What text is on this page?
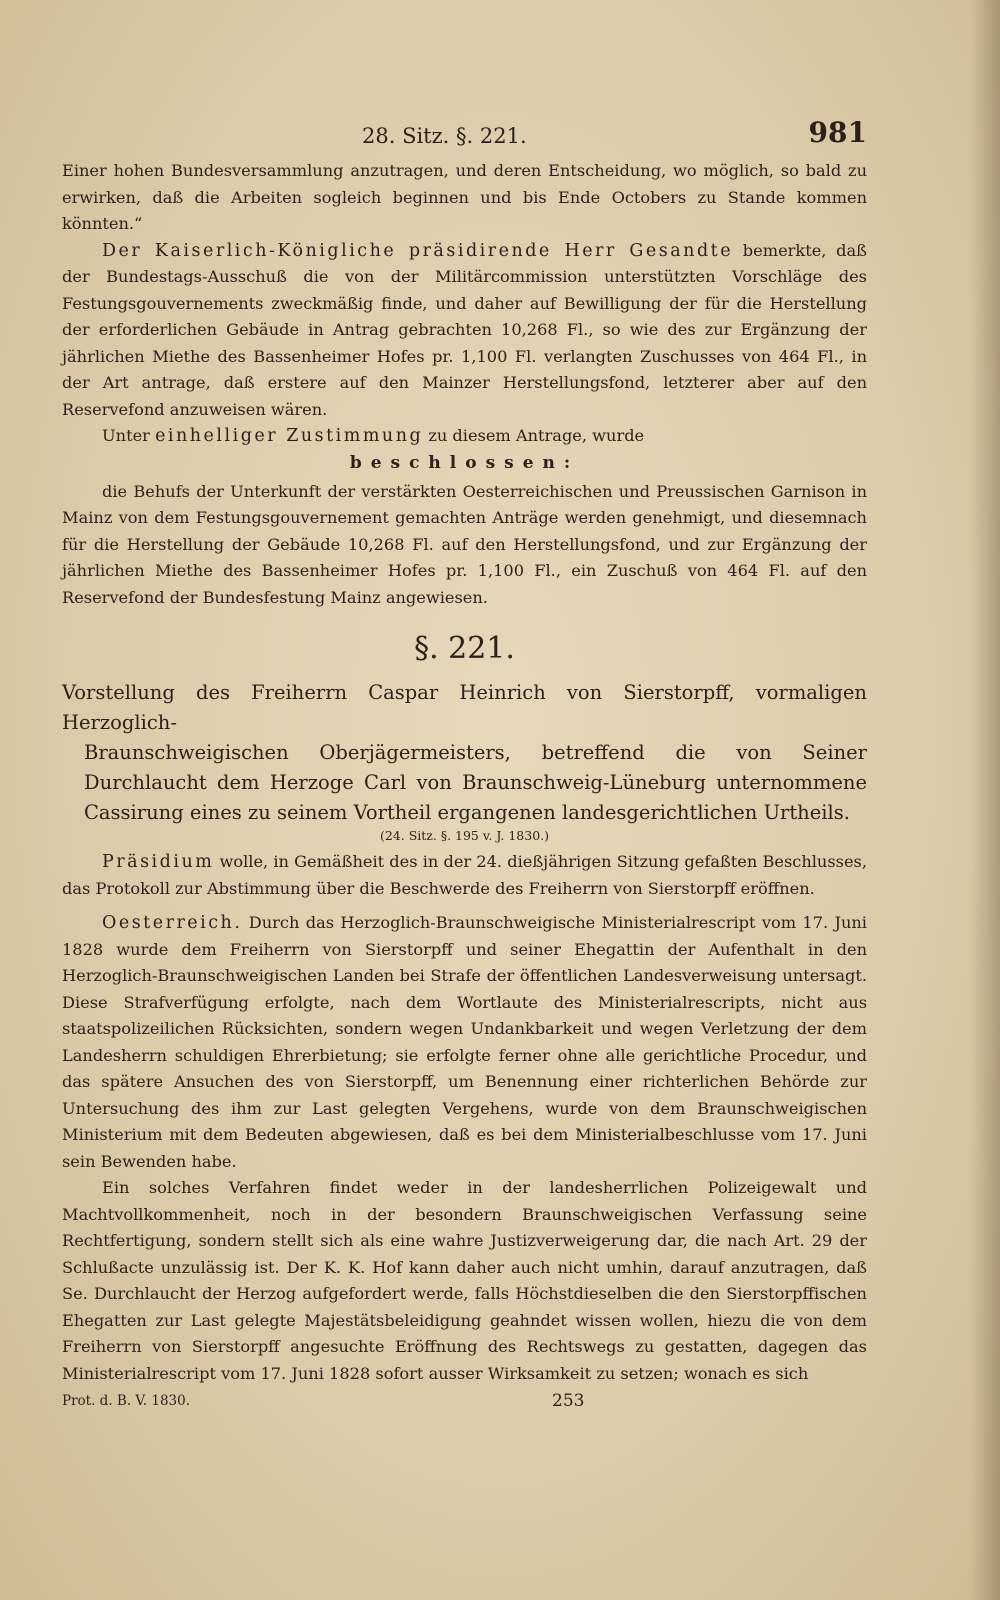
28. Sitz. §. 221.	981

Einer hohen Bundesversammlung anzutragen, und deren Entscheidung, wo möglich, so bald zu erwirken, daß die Arbeiten sogleich beginnen und bis Ende Octobers zu Stande kommen könnten.“

Der Kaiserlich-Königliche präsidirende Herr Gesandte bemerkte, daß der Bundestags-Ausschuß die von der Militärcommission unterstützten Vorschläge des Festungsgouvernements zweckmäßig finde, und daher auf Bewilligung der für die Herstellung der erforderlichen Gebäude in Antrag gebrachten 10,268 Fl., so wie des zur Ergänzung der jährlichen Miethe des Bassenheimer Hofes pr. 1,100 Fl. verlangten Zuschusses von 464 Fl., in der Art antrage, daß erstere auf den Mainzer Herstellungsfond, letzterer aber auf den Reservefond anzuweisen wären.

Unter einhelliger Zustimmung zu diesem Antrage, wurde

beschlossen:

die Behufs der Unterkunft der verstärkten Oesterreichischen und Preussischen Garnison in Mainz von dem Festungsgouvernement gemachten Anträge werden genehmigt, und diesemnach für die Herstellung der Gebäude 10,268 Fl. auf den Herstellungsfond, und zur Ergänzung der jährlichen Miethe des Bassenheimer Hofes pr. 1,100 Fl., ein Zuschuß von 464 Fl. auf den Reservefond der Bundesfestung Mainz angewiesen.

§. 221.
Vorstellung des Freiherrn Caspar Heinrich von Sierstorpff, vormaligen Herzoglich-
Braunschweigischen Oberjägermeisters, betreffend die von Seiner Durchlaucht dem Herzoge Carl von Braunschweig-Lüneburg unternommene Cassirung eines zu seinem Vortheil ergangenen landesgerichtlichen Urtheils.
(24. Sitz. §. 195 v. J. 1830.)

Präsidium wolle, in Gemäßheit des in der 24. dießjährigen Sitzung gefaßten Beschlusses, das Protokoll zur Abstimmung über die Beschwerde des Freiherrn von Sierstorpff eröffnen.

Oesterreich. Durch das Herzoglich-Braunschweigische Ministerialrescript vom 17. Juni 1828 wurde dem Freiherrn von Sierstorpff und seiner Ehegattin der Aufenthalt in den Herzoglich-Braunschweigischen Landen bei Strafe der öffentlichen Landesverweisung untersagt. Diese Strafverfügung erfolgte, nach dem Wortlaute des Ministerialrescripts, nicht aus staatspolizeilichen Rücksichten, sondern wegen Undankbarkeit und wegen Verletzung der dem Landesherrn schuldigen Ehrerbietung; sie erfolgte ferner ohne alle gerichtliche Procedur, und das spätere Ansuchen des von Sierstorpff, um Benennung einer richterlichen Behörde zur Untersuchung des ihm zur Last gelegten Vergehens, wurde von dem Braunschweigischen Ministerium mit dem Bedeuten abgewiesen, daß es bei dem Ministerialbeschlusse vom 17. Juni sein Bewenden habe.

Ein solches Verfahren findet weder in der landesherrlichen Polizeigewalt und Machtvollkommenheit, noch in der besondern Braunschweigischen Verfassung seine Rechtfertigung, sondern stellt sich als eine wahre Justizverweigerung dar, die nach Art. 29 der Schlußacte unzulässig ist. Der K. K. Hof kann daher auch nicht umhin, darauf anzutragen, daß Se. Durchlaucht der Herzog aufgefordert werde, falls Höchstdieselben die den Sierstorpffischen Ehegatten zur Last gelegte Majestätsbeleidigung geahndet wissen wollen, hiezu die von dem Freiherrn von Sierstorpff angesuchte Eröffnung des Rechtswegs zu gestatten, dagegen das Ministerialrescript vom 17. Juni 1828 sofort ausser Wirksamkeit zu setzen; wonach es sich

Prot. d. B. V. 1830.	253
